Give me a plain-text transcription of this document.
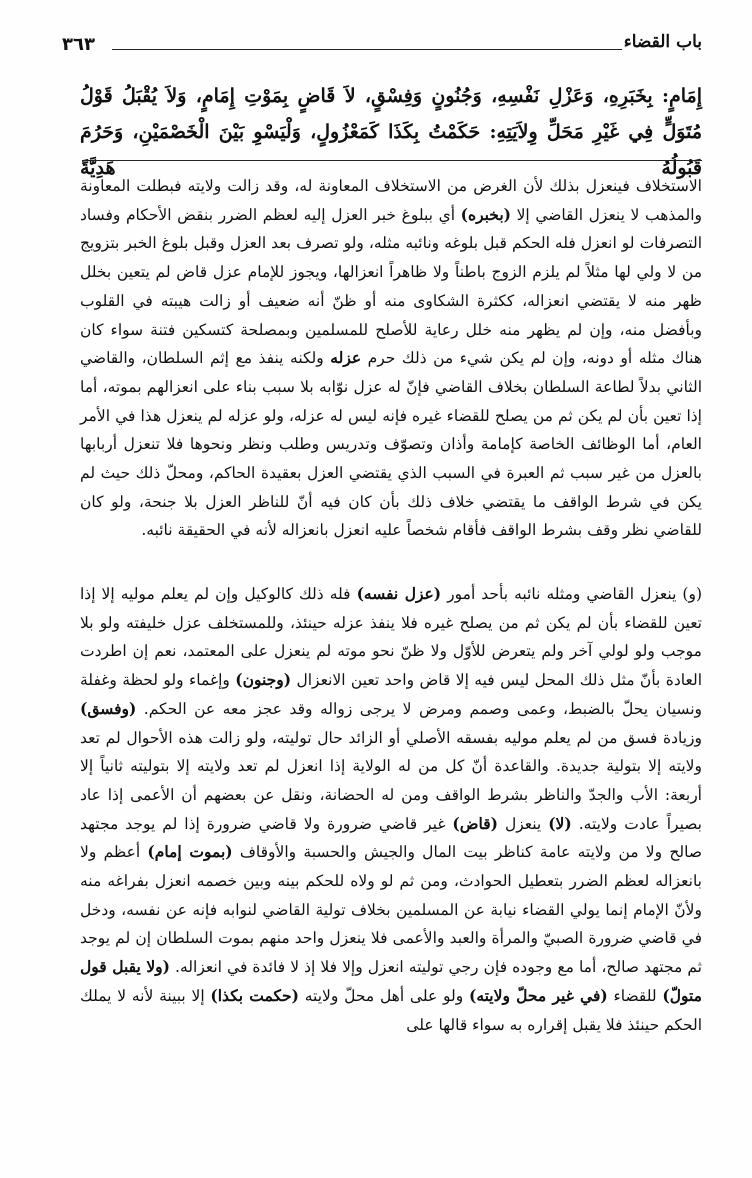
٣٦٣	باب القضاء
إِمَامٍ: بِخَبَرِهِ، وَعَزْلِ نَفْسِهِ، وَجُنُونٍ وَفِسْقٍ، لاَ قَاضٍ بِمَوْتِ إِمَامٍ، وَلاَ يُقْبَلُ قَوْلُ مُتَوَلٍّ فِي غَيْرِ مَحَلِّ وِلاَيَتِهِ: حَكَمْتُ بِكَذَا كَمَعْزُولٍ، وَلْيَسْوِ بَيْنَ الْخَصْمَيْنِ، وَحَرُمَ قَبُولُهُ هَدِيَّةً

الاستخلاف فينعزل بذلك لأن الغرض من الاستخلاف المعاونة له، وقد زالت ولايته فبطلت المعاونة والمذهب لا ينعزل القاضي إلا (بخبره) أي ببلوغ خبر العزل إليه لعظم الضرر بنقض الأحكام وفساد التصرفات لو انعزل فله الحكم قبل بلوغه ونائبه مثله، ولو تصرف بعد العزل وقبل بلوغ الخبر بتزويج من لا ولي لها مثلاً لم يلزم الزوج باطناً ولا ظاهراً انعزالها، ويجوز للإمام عزل قاض لم يتعين بخلل ظهر منه لا يقتضي انعزاله، ككثرة الشكاوى منه أو ظنّ أنه ضعيف أو زالت هيبته في القلوب وبأفضل منه، وإن لم يظهر منه خلل رعاية للأصلح للمسلمين وبمصلحة كتسكين فتنة سواء كان هناك مثله أو دونه، وإن لم يكن شيء من ذلك حرم عزله ولكنه ينفذ مع إثم السلطان، والقاضي الثاني بدلاً لطاعة السلطان بخلاف القاضي فإنّ له عزل نوّابه بلا سبب بناء على انعزالهم بموته، أما إذا تعين بأن لم يكن ثم من يصلح للقضاء غيره فإنه ليس له عزله، ولو عزله لم ينعزل هذا في الأمر العام، أما الوظائف الخاصة كإمامة وأذان وتصوّف وتدريس وطلب ونظر ونحوها فلا تنعزل أربابها بالعزل من غير سبب ثم العبرة في السبب الذي يقتضي العزل بعقيدة الحاكم، ومحلّ ذلك حيث لم يكن في شرط الواقف ما يقتضي خلاف ذلك بأن كان فيه أنّ للناظر العزل بلا جنحة، ولو كان للقاضي نظر وقف بشرط الواقف فأقام شخصاً عليه انعزل بانعزاله لأنه في الحقيقة نائبه.

(و) ينعزل القاضي ومثله نائبه بأحد أمور (عزل نفسه) فله ذلك كالوكيل وإن لم يعلم موليه إلا إذا تعين للقضاء بأن لم يكن ثم من يصلح غيره فلا ينفذ عزله حينئذ، وللمستخلف عزل خليفته ولو بلا موجب ولو لولي آخر ولم يتعرض للأوّل ولا ظنّ نحو موته لم ينعزل على المعتمد، نعم إن اطردت العادة بأنّ مثل ذلك المحل ليس فيه إلا قاض واحد تعين الانعزال (وجنون) وإغماء ولو لحظة وغفلة ونسيان يحلّ بالضبط، وعمى وصمم ومرض لا يرجى زواله وقد عجز معه عن الحكم. (وفسق) وزيادة فسق من لم يعلم موليه بفسقه الأصلي أو الزائد حال توليته، ولو زالت هذه الأحوال لم تعد ولايته إلا بتولية جديدة. والقاعدة أنّ كل من له الولاية إذا انعزل لم تعد ولايته إلا بتوليته ثانياً إلا أربعة: الأب والجدّ والناظر بشرط الواقف ومن له الحضانة، ونقل عن بعضهم أن الأعمى إذا عاد بصيراً عادت ولايته. (لا) ينعزل (قاض) غير قاضي ضرورة ولا قاضي ضرورة إذا لم يوجد مجتهد صالح ولا من ولايته عامة كناظر بيت المال والجيش والحسبة والأوقاف (بموت إمام) أعظم ولا بانعزاله لعظم الضرر بتعطيل الحوادث، ومن ثم لو ولاه للحكم بينه وبين خصمه انعزل بفراغه منه ولأنّ الإمام إنما يولي القضاء نيابة عن المسلمين بخلاف تولية القاضي لنوابه فإنه عن نفسه، ودخل في قاضي ضرورة الصبيّ والمرأة والعبد والأعمى فلا ينعزل واحد منهم بموت السلطان إن لم يوجد ثم مجتهد صالح، أما مع وجوده فإن رجي توليته انعزل وإلا فلا إذ لا فائدة في انعزاله. (ولا يقبل قول متولّ) للقضاء (في غير محلّ ولايته) ولو على أهل محلّ ولايته (حكمت بكذا) إلا ببينة لأنه لا يملك الحكم حينئذ فلا يقبل إقراره به سواء قالها على
